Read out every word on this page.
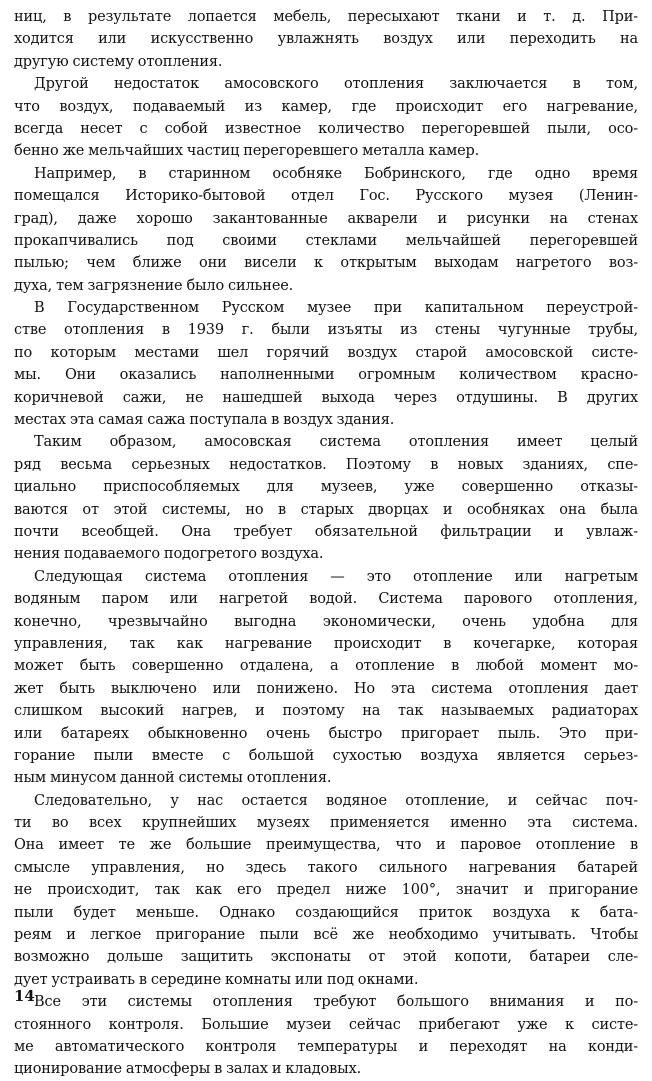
ниц, в результате лопается мебель, пересыхают ткани и т. д. При-
ходится или искусственно увлажнять воздух или переходить на
другую систему отопления.
Другой недостаток амосовского отопления заключается в том,
что воздух, подаваемый из камер, где происходит его нагревание,
всегда несет с собой известное количество перегоревшей пыли, осо-
бенно же мельчайших частиц перегоревшего металла камер.
Например, в старинном особняке Бобринского, где одно время
помещался Историко-бытовой отдел Гос. Русского музея (Ленин-
град), даже хорошо закантованные акварели и рисунки на стенах
прокапчивались под своими стеклами мельчайшей перегоревшей
пылью; чем ближе они висели к открытым выходам нагретого воз-
духа, тем загрязнение было сильнее.
В Государственном Русском музее при капитальном переустрой-
стве отопления в 1939 г. были изъяты из стены чугунные трубы,
по которым местами шел горячий воздух старой амосовской систе-
мы. Они оказались наполненными огромным количеством красно-
коричневой сажи, не нашедшей выхода через отдушины. В других
местах эта самая сажа поступала в воздух здания.
Таким образом, амосовская система отопления имеет целый
ряд весьма серьезных недостатков. Поэтому в новых зданиях, спе-
циально приспособляемых для музеев, уже совершенно отказы-
ваются от этой системы, но в старых дворцах и особняках она была
почти всеобщей. Она требует обязательной фильтрации и увлаж-
нения подаваемого подогретого воздуха.
Следующая система отопления — это отопление или нагретым
водяным паром или нагретой водой. Система парового отопления,
конечно, чрезвычайно выгодна экономически, очень удобна для
управления, так как нагревание происходит в кочегарке, которая
может быть совершенно отдалена, а отопление в любой момент мо-
жет быть выключено или понижено. Но эта система отопления дает
слишком высокий нагрев, и поэтому на так называемых радиаторах
или батареях обыкновенно очень быстро пригорает пыль. Это при-
горание пыли вместе с большой сухостью воздуха является серьез-
ным минусом данной системы отопления.
Следовательно, у нас остается водяное отопление, и сейчас поч-
ти во всех крупнейших музеях применяется именно эта система.
Она имеет те же большие преимущества, что и паровое отопление в
смысле управления, но здесь такого сильного нагревания батарей
не происходит, так как его предел ниже 100°, значит и пригорание
пыли будет меньше. Однако создающийся приток воздуха к бата-
реям и легкое пригорание пыли всё же необходимо учитывать. Чтобы
возможно дольше защитить экспонаты от этой копоти, батареи сле-
дует устраивать в середине комнаты или под окнами.
Все эти системы отопления требуют большого внимания и по-
стоянного контроля. Большие музеи сейчас прибегают уже к систе-
ме автоматического контроля температуры и переходят на конди-
ционирование атмосферы в залах и кладовых.
14
